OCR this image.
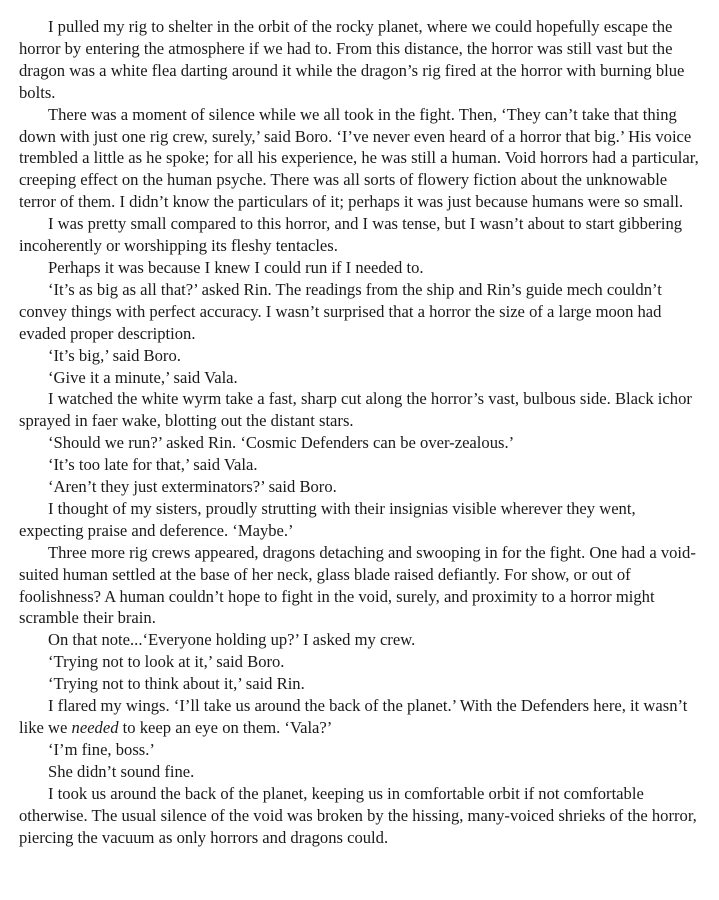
I pulled my rig to shelter in the orbit of the rocky planet, where we could hopefully escape the horror by entering the atmosphere if we had to. From this distance, the horror was still vast but the dragon was a white flea darting around it while the dragon’s rig fired at the horror with burning blue bolts.

There was a moment of silence while we all took in the fight. Then, ‘They can’t take that thing down with just one rig crew, surely,’ said Boro. ‘I’ve never even heard of a horror that big.’ His voice trembled a little as he spoke; for all his experience, he was still a human. Void horrors had a particular, creeping effect on the human psyche. There was all sorts of flowery fiction about the unknowable terror of them. I didn’t know the particulars of it; perhaps it was just because humans were so small.

I was pretty small compared to this horror, and I was tense, but I wasn’t about to start gibbering incoherently or worshipping its fleshy tentacles.

Perhaps it was because I knew I could run if I needed to.

‘It’s as big as all that?’ asked Rin. The readings from the ship and Rin’s guide mech couldn’t convey things with perfect accuracy. I wasn’t surprised that a horror the size of a large moon had evaded proper description.

‘It’s big,’ said Boro.

‘Give it a minute,’ said Vala.

I watched the white wyrm take a fast, sharp cut along the horror’s vast, bulbous side. Black ichor sprayed in faer wake, blotting out the distant stars.

‘Should we run?’ asked Rin. ‘Cosmic Defenders can be over-zealous.’

‘It’s too late for that,’ said Vala.

‘Aren’t they just exterminators?’ said Boro.

I thought of my sisters, proudly strutting with their insignias visible wherever they went, expecting praise and deference. ‘Maybe.’

Three more rig crews appeared, dragons detaching and swooping in for the fight. One had a void-suited human settled at the base of her neck, glass blade raised defiantly. For show, or out of foolishness? A human couldn’t hope to fight in the void, surely, and proximity to a horror might scramble their brain.

On that note...‘Everyone holding up?’ I asked my crew.

‘Trying not to look at it,’ said Boro.

‘Trying not to think about it,’ said Rin.

I flared my wings. ‘I’ll take us around the back of the planet.’ With the Defenders here, it wasn’t like we needed to keep an eye on them. ‘Vala?’

‘I’m fine, boss.’

She didn’t sound fine.

I took us around the back of the planet, keeping us in comfortable orbit if not comfortable otherwise. The usual silence of the void was broken by the hissing, many-voiced shrieks of the horror, piercing the vacuum as only horrors and dragons could.
